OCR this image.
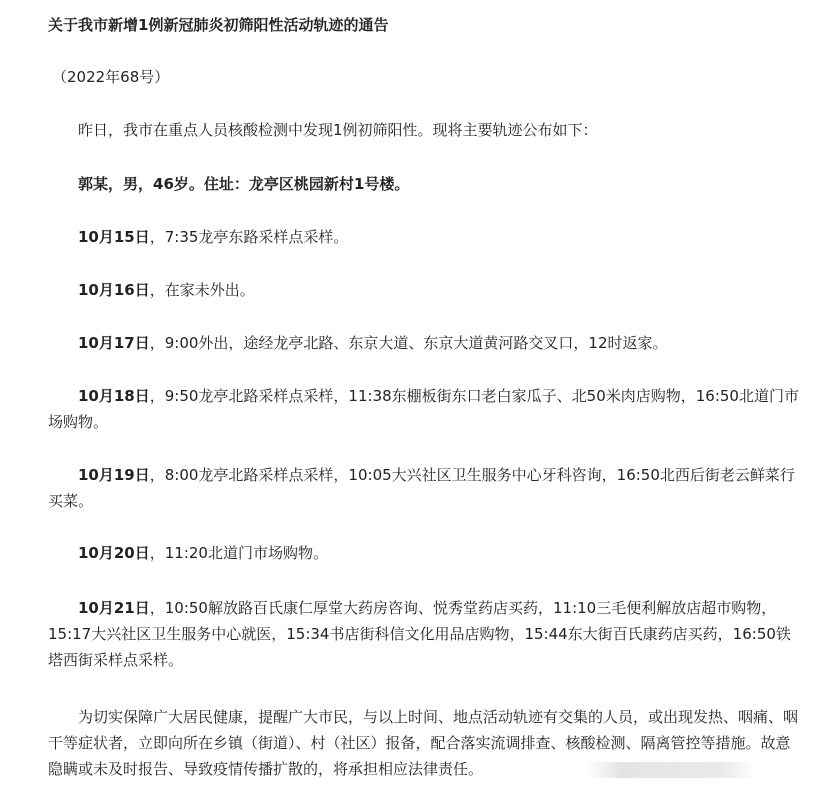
关于我市新增1例新冠肺炎初筛阳性活动轨迹的通告
（2022年68号）

昨日，我市在重点人员核酸检测中发现1例初筛阳性。现将主要轨迹公布如下：

郭某，男，46岁。住址：龙亭区桃园新村1号楼。

10月15日，7:35龙亭东路采样点采样。

10月16日，在家未外出。

10月17日，9:00外出，途经龙亭北路、东京大道、东京大道黄河路交叉口，12时返家。

10月18日，9:50龙亭北路采样点采样，11:38东棚板街东口老白家瓜子、北50米肉店购物，16:50北道门市场购物。

10月19日，8:00龙亭北路采样点采样，10:05大兴社区卫生服务中心牙科咨询，16:50北西后街老云鲜菜行买菜。

10月20日，11:20北道门市场购物。

10月21日，10:50解放路百氏康仁厚堂大药房咨询、悦秀堂药店买药，11:10三毛便利解放店超市购物，15:17大兴社区卫生服务中心就医，15:34书店街科信文化用品店购物，15:44东大街百氏康药店买药，16:50铁塔西街采样点采样。

为切实保障广大居民健康，提醒广大市民，与以上时间、地点活动轨迹有交集的人员，或出现发热、咽痛、咽干等症状者，立即向所在乡镇（街道）、村（社区）报备，配合落实流调排查、核酸检测、隔离管控等措施。故意隐瞒或未及时报告、导致疫情传播扩散的，将承担相应法律责任。
